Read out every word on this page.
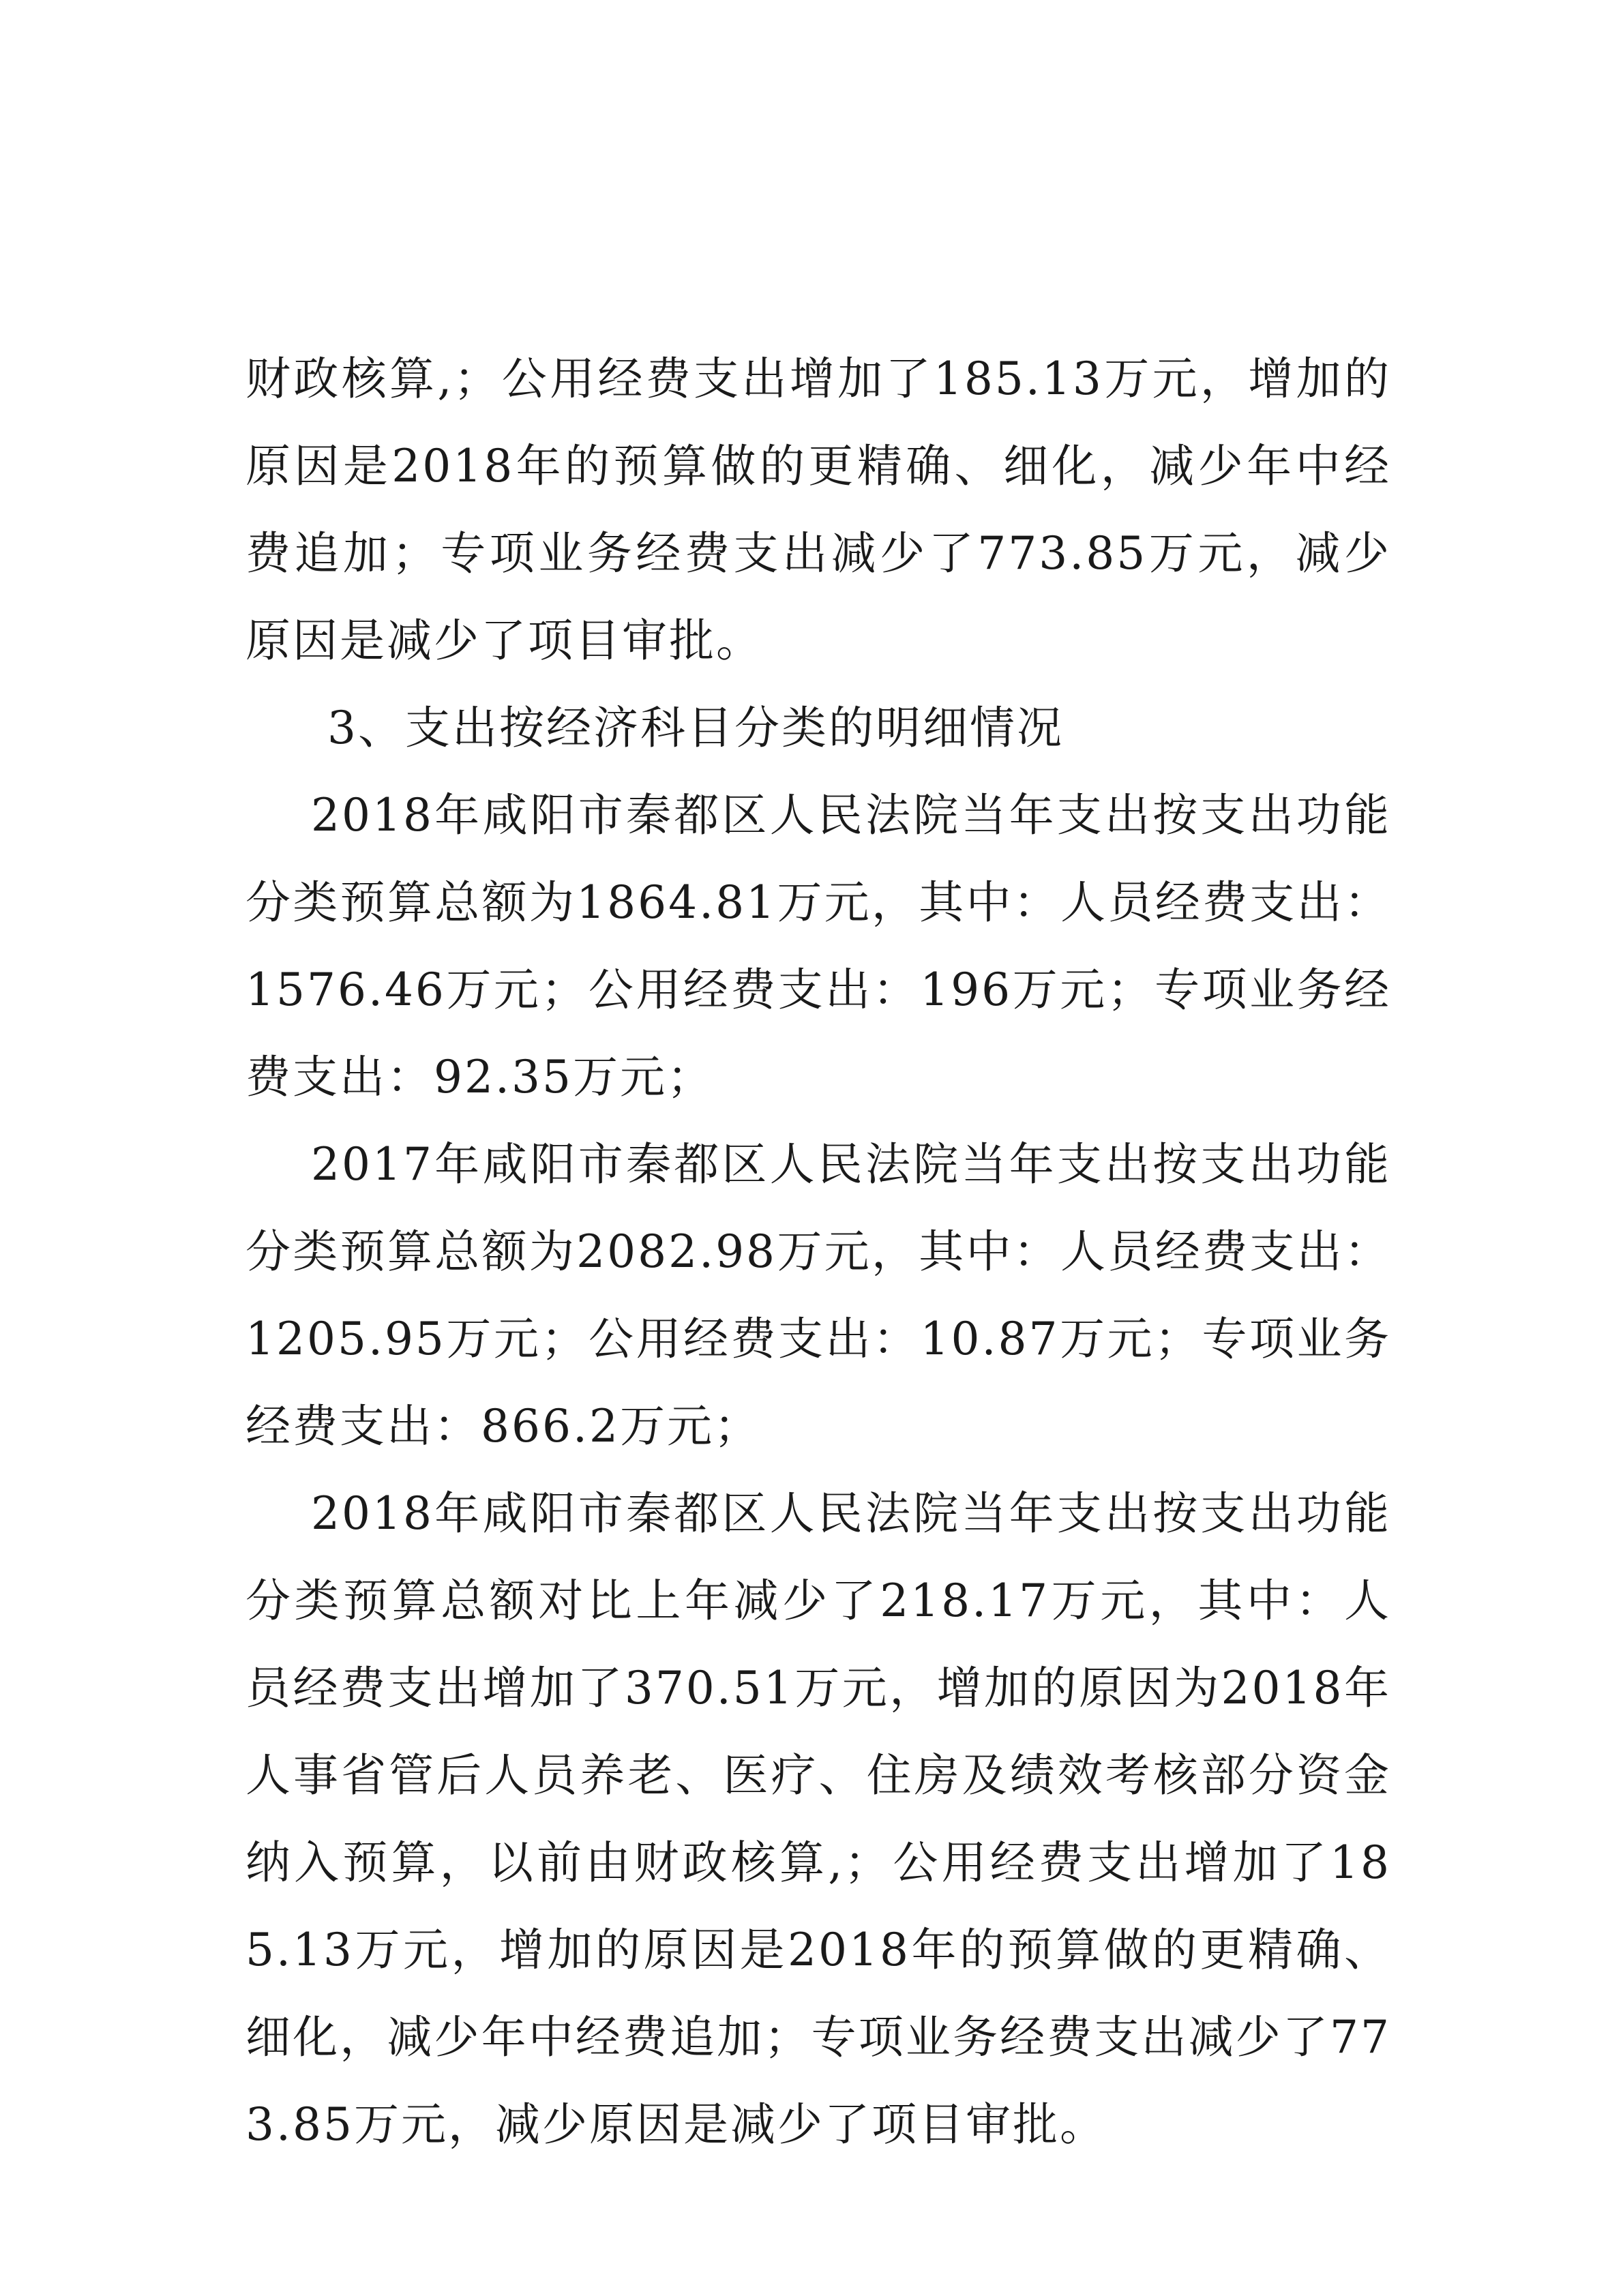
财政核算,；公用经费支出增加了185.13万元，增加的原因是2018年的预算做的更精确、细化，减少年中经费追加；专项业务经费支出减少了773.85万元，减少原因是减少了项目审批。

3、支出按经济科目分类的明细情况

2018年咸阳市秦都区人民法院当年支出按支出功能分类预算总额为1864.81万元，其中：人员经费支出：1576.46万元；公用经费支出：196万元；专项业务经费支出：92.35万元；

2017年咸阳市秦都区人民法院当年支出按支出功能分类预算总额为2082.98万元，其中：人员经费支出：1205.95万元；公用经费支出：10.87万元；专项业务经费支出：866.2万元；

2018年咸阳市秦都区人民法院当年支出按支出功能分类预算总额对比上年减少了218.17万元，其中：人员经费支出增加了370.51万元，增加的原因为2018年人事省管后人员养老、医疗、住房及绩效考核部分资金纳入预算，以前由财政核算,；公用经费支出增加了185.13万元，增加的原因是2018年的预算做的更精确、细化，减少年中经费追加；专项业务经费支出减少了773.85万元，减少原因是减少了项目审批。
